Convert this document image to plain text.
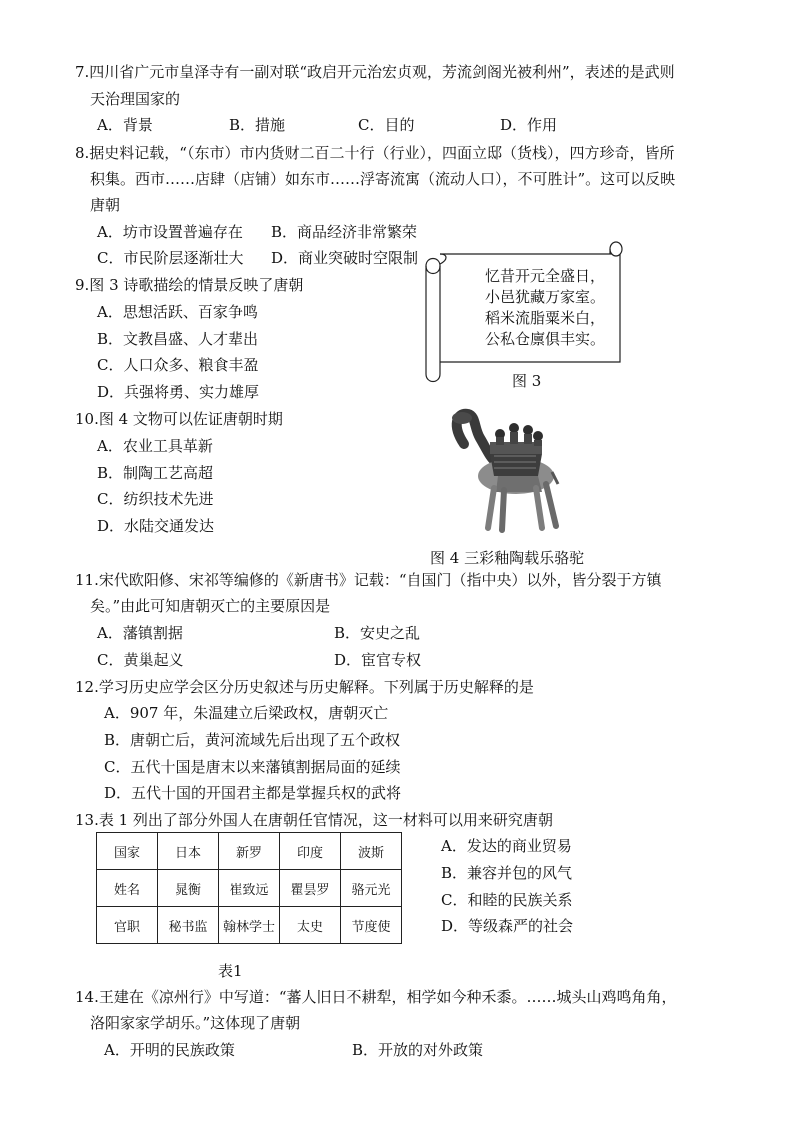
7.四川省广元市皇泽寺有一副对联“政启开元治宏贞观，芳流剑阁光被利州”，表述的是武则
天治理国家的
A．背景	B．措施	C．目的	D．作用
8.据史料记载，“（东市）市内货财二百二十行（行业），四面立邸（货栈），四方珍奇，皆所
积集。西市……店肆（店铺）如东市……浮寄流寓（流动人口），不可胜计”。这可以反映
唐朝
A．坊市设置普遍存在 B．商品经济非常繁荣
C．市民阶层逐渐壮大 D．商业突破时空限制
9.图 3 诗歌描绘的情景反映了唐朝
A．思想活跃、百家争鸣
B．文教昌盛、人才辈出
C．人口众多、粮食丰盈
D．兵强将勇、实力雄厚
忆昔开元全盛日，
小邑犹藏万家室。
稻米流脂粟米白，
公私仓廪俱丰实。
图 3
10.图 4 文物可以佐证唐朝时期
A．农业工具革新
B．制陶工艺高超
C．纺织技术先进
D．水陆交通发达
图 4 三彩釉陶载乐骆驼
11.宋代欧阳修、宋祁等编修的《新唐书》记载：“自国门（指中央）以外，皆分裂于方镇
矣。”由此可知唐朝灭亡的主要原因是
A．藩镇割据	B．安史之乱
C．黄巢起义	D．宦官专权
12.学习历史应学会区分历史叙述与历史解释。下列属于历史解释的是
A．907 年，朱温建立后梁政权，唐朝灭亡
B．唐朝亡后，黄河流域先后出现了五个政权
C．五代十国是唐末以来藩镇割据局面的延续
D．五代十国的开国君主都是掌握兵权的武将
13.表 1 列出了部分外国人在唐朝任官情况，这一材料可以用来研究唐朝
国家	日本	新罗	印度	波斯
姓名	晁衡	崔致远	瞿昙罗	骆元光
官职	秘书监	翰林学士	太史	节度使
表1
A．发达的商业贸易
B．兼容并包的风气
C．和睦的民族关系
D．等级森严的社会
14.王建在《凉州行》中写道：“蕃人旧日不耕犁，相学如今种禾黍。……城头山鸡鸣角角，
洛阳家家学胡乐。”这体现了唐朝
A．开明的民族政策	B．开放的对外政策
